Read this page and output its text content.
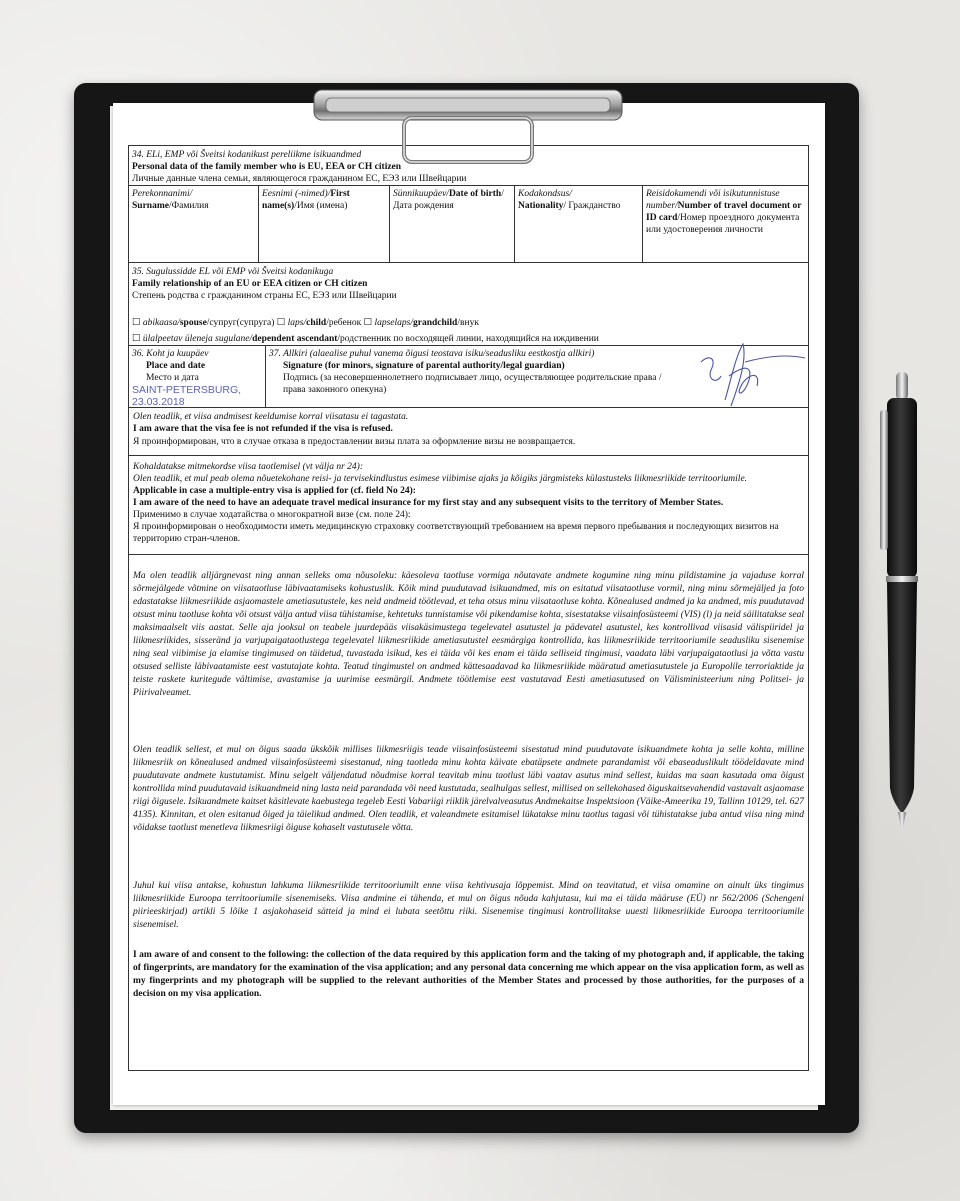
34. ELi, EMP või Šveitsi kodanikust pereliikme isikuandmed
Personal data of the family member who is EU, EEA or CH citizen
Личные данные члена семьи, являющегося гражданином ЕС, ЕЭЗ или Швейцарии
Perekonnanimi/
Surname/Фамилия
Eesnimi (-nimed)/First name(s)/Имя (имена)
Sünnikuupäev/Date of birth/Дата рождения
Kodakondsus/
Nationality/ Гражданство
Reisidokumendi või isikutunnistuse number/Number of travel document or ID card/Номер проездного документа или удостоверения личности
35. Sugulussidde EL või EMP või Šveitsi kodanikuga
Family relationship of an EU or EEA citizen or CH citizen
Степень родства с гражданином страны ЕС, ЕЭЗ или Швейцарии
☐ abikaasa/spouse/супруг(супруга) ☐ laps/child/ребенок ☐ lapselaps/grandchild/внук
☐ ülalpeetav üleneja sugulane/dependent ascendant/родственник по восходящей линии, находящийся на иждивении
36. Koht ja kuupäev
Place and date
Место и дата
SAINT-PETERSBURG,
23.03.2018
37. Allkiri (alaealise puhul vanema õigusi teostava isiku/seadusliku eestkostja allkiri)
Signature (for minors, signature of parental authority/legal guardian)
Подпись (за несовершеннолетнего подписывает лицо, осуществляющее родительские права / права законного опекуна)
Olen teadlik, et viisa andmisest keeldumise korral viisatasu ei tagastata.
I am aware that the visa fee is not refunded if the visa is refused.
Я проинформирован, что в случае отказа в предоставлении визы плата за оформление визы не возвращается.
Kohaldatakse mitmekordse viisa taotlemisel (vt välja nr 24):
Olen teadlik, et mul peab olema nõuetekohane reisi- ja tervisekindlustus esimese viibimise ajaks ja kõigiks järgmisteks külastusteks liikmesriikide territooriumile.
Applicable in case a multiple-entry visa is applied for (cf. field No 24):
I am aware of the need to have an adequate travel medical insurance for my first stay and any subsequent visits to the territory of Member States.
Применимо в случае ходатайства о многократной визе (см. поле 24):
Я проинформирован о необходимости иметь медицинскую страховку соответствующий требованием на время первого пребывания и последующих визитов на территорию стран-членов.
Ma olen teadlik alljärgnevast ning annan selleks oma nõusoleku: käesoleva taotluse vormiga nõutavate andmete kogumine ning minu pildistamine ja vajaduse korral sõrmejälgede võtmine on viisataotluse läbivaatamiseks kohustuslik. Kõik mind puudutavad isikuandmed, mis on esitatud viisataotluse vormil, ning minu sõrmejäljed ja foto edastatakse liikmesriikide asjaomastele ametiasutustele, kes neid andmeid töötlevad, et teha otsus minu viisataotluse kohta. Kõnealused andmed ja ka andmed, mis puudutavad otsust minu taotluse kohta või otsust välja antud viisa tühistamise, kehtetuks tunnistamise või pikendamise kohta, sisestatakse viisainfosüsteemi (VIS) (l) ja neid säilitatakse seal maksimaalselt viis aastat. Selle aja jooksul on teabele juurdepääs viisakäsimustega tegelevatel asutustel ja pädevatel asutustel, kes kontrollivad viisasid välispiiridel ja liikmesriikides, sisseränd ja varjupaigataotlustega tegelevatel liikmesriikide ametiasutustel eesmärgiga kontrollida, kas liikmesriikide territooriumile seadusliku sisenemise ning seal viibimise ja elamise tingimused on täidetud, tuvastada isikud, kes ei täida või kes enam ei täida selliseid tingimusi, vaadata läbi varjupaigataotlusi ja võtta vastu otsused selliste läbivaatamiste eest vastutajate kohta. Teatud tingimustel on andmed kättesaadavad ka liikmesriikide määratud ametiasutustele ja Europolile terroriaktide ja teiste raskete kuritegude vältimise, avastamise ja uurimise eesmärgil. Andmete töötlemise eest vastutavad Eesti ametiasutused on Välisministeerium ning Politsei- ja Piirivalveamet.
Olen teadlik sellest, et mul on õigus saada ükskõik millises liikmesriigis teade viisainfosüsteemi sisestatud mind puudutavate isikuandmete kohta ja selle kohta, milline liikmesriik on kõnealused andmed viisainfosüsteemi sisestanud, ning taotleda minu kohta käivate ebatäpsete andmete parandamist või ebaseaduslikult töödeldavate mind puudutavate andmete kustutamist. Minu selgelt väljendatud nõudmise korral teavitab minu taotlust läbi vaatav asutus mind sellest, kuidas ma saan kasutada oma õigust kontrollida mind puudutavaid isikuandmeid ning lasta neid parandada või need kustutada, sealhulgas sellest, millised on sellekohased õiguskaitsevahendid vastavalt asjaomase riigi õigusele. Isikuandmete kaitset käsitlevate kaebustega tegeleb Eesti Vabariigi riiklik järelvalveasutus Andmekaitse Inspektsioon (Väike-Ameerika 19, Tallinn 10129, tel. 627 4135). Kinnitan, et olen esitanud õiged ja täielikud andmed. Olen teadlik, et valeandmete esitamisel lükatakse minu taotlus tagasi või tühistatakse juba antud viisa ning mind võidakse taotlust menetleva liikmesriigi õiguse kohaselt vastutusele võtta.
Juhul kui viisa antakse, kohustun lahkuma liikmesriikide territooriumilt enne viisa kehtivusaja lõppemist. Mind on teavitatud, et viisa omamine on ainult üks tingimus liikmesriikide Euroopa territooriumile sisenemiseks. Viisa andmine ei tähenda, et mul on õigus nõuda kahjutasu, kui ma ei täida määruse (EÜ) nr 562/2006 (Schengeni piirieeskirjad) artikli 5 lõike 1 asjakohaseid sätteid ja mind ei lubata seetõttu riiki. Sisenemise tingimusi kontrollitakse uuesti liikmesriikide Euroopa territooriumile sisenemisel.
I am aware of and consent to the following: the collection of the data required by this application form and the taking of my photograph and, if applicable, the taking of fingerprints, are mandatory for the examination of the visa application; and any personal data concerning me which appear on the visa application form, as well as my fingerprints and my photograph will be supplied to the relevant authorities of the Member States and processed by those authorities, for the purposes of a decision on my visa application.
